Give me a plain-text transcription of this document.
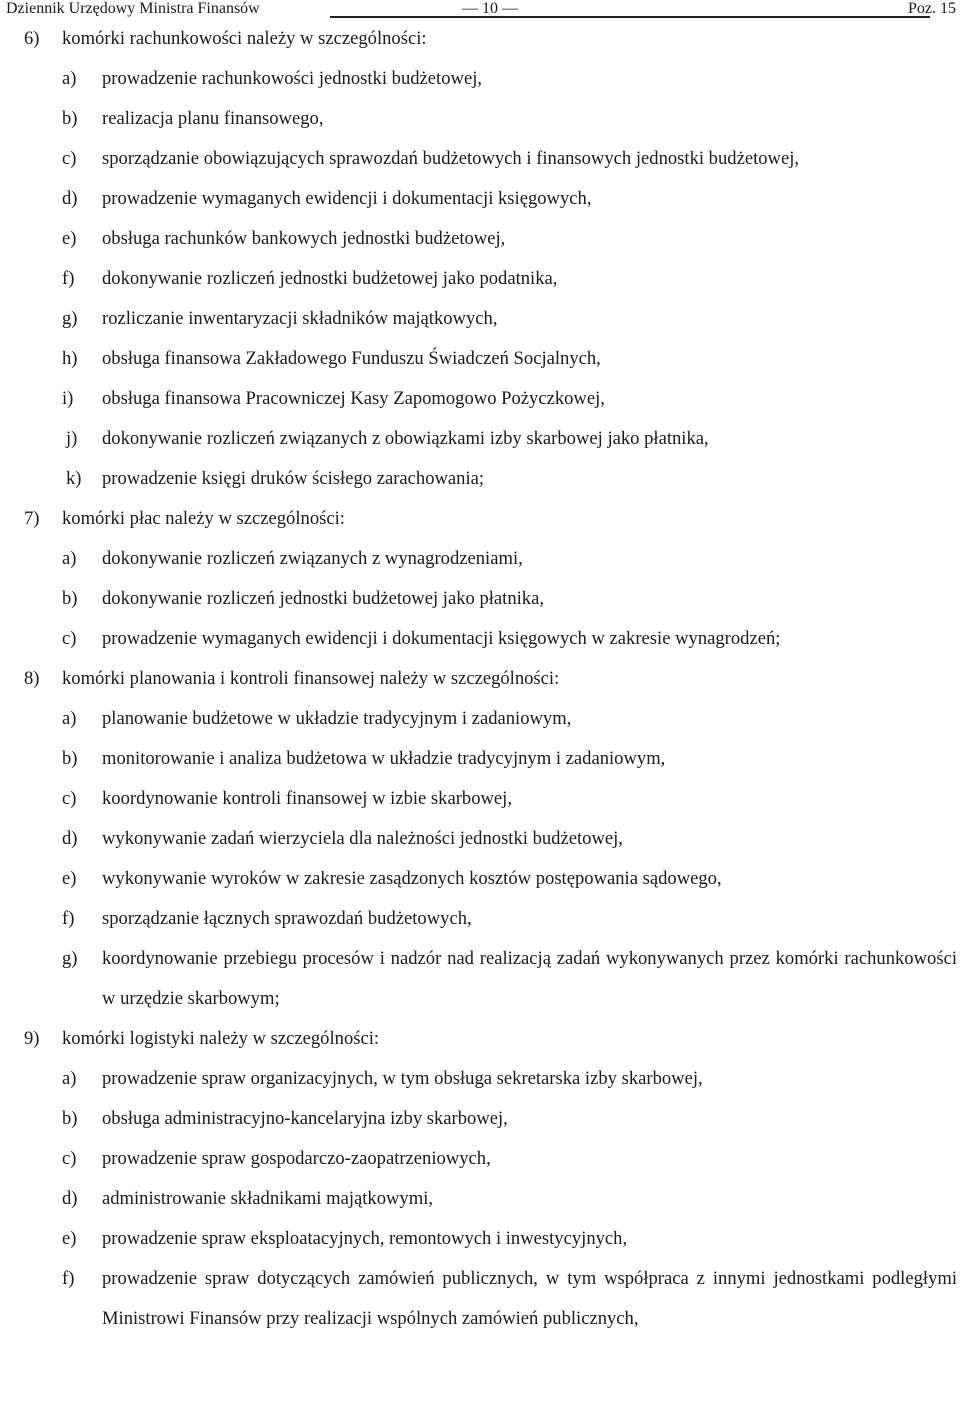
Dziennik Urzędowy Ministra Finansów	— 10 —	Poz. 15
6) komórki rachunkowości należy w szczególności:
a) prowadzenie rachunkowości jednostki budżetowej,
b) realizacja planu finansowego,
c) sporządzanie obowiązujących sprawozdań budżetowych i finansowych jednostki budżetowej,
d) prowadzenie wymaganych ewidencji i dokumentacji księgowych,
e) obsługa rachunków bankowych jednostki budżetowej,
f) dokonywanie rozliczeń jednostki budżetowej jako podatnika,
g) rozliczanie inwentaryzacji składników majątkowych,
h) obsługa finansowa Zakładowego Funduszu Świadczeń Socjalnych,
i) obsługa finansowa Pracowniczej Kasy Zapomogowo Pożyczkowej,
j) dokonywanie rozliczeń związanych z obowiązkami izby skarbowej jako płatnika,
k) prowadzenie księgi druków ścisłego zarachowania;
7) komórki płac należy w szczególności:
a) dokonywanie rozliczeń związanych z wynagrodzeniami,
b) dokonywanie rozliczeń jednostki budżetowej jako płatnika,
c) prowadzenie wymaganych ewidencji i dokumentacji księgowych w zakresie wynagrodzeń;
8) komórki planowania i kontroli finansowej należy w szczególności:
a) planowanie budżetowe w układzie tradycyjnym i zadaniowym,
b) monitorowanie i analiza budżetowa w układzie tradycyjnym i zadaniowym,
c) koordynowanie kontroli finansowej w izbie skarbowej,
d) wykonywanie zadań wierzyciela dla należności jednostki budżetowej,
e) wykonywanie wyroków w zakresie zasądzonych kosztów postępowania sądowego,
f) sporządzanie łącznych sprawozdań budżetowych,
g) koordynowanie przebiegu procesów i nadzór nad realizacją zadań wykonywanych przez komórki rachunkowości w urzędzie skarbowym;
9) komórki logistyki należy w szczególności:
a) prowadzenie spraw organizacyjnych, w tym obsługa sekretarska izby skarbowej,
b) obsługa administracyjno-kancelaryjna izby skarbowej,
c) prowadzenie spraw gospodarczo-zaopatrzeniowych,
d) administrowanie składnikami majątkowymi,
e) prowadzenie spraw eksploatacyjnych, remontowych i inwestycyjnych,
f) prowadzenie spraw dotyczących zamówień publicznych, w tym współpraca z innymi jednostkami podległymi Ministrowi Finansów przy realizacji wspólnych zamówień publicznych,
